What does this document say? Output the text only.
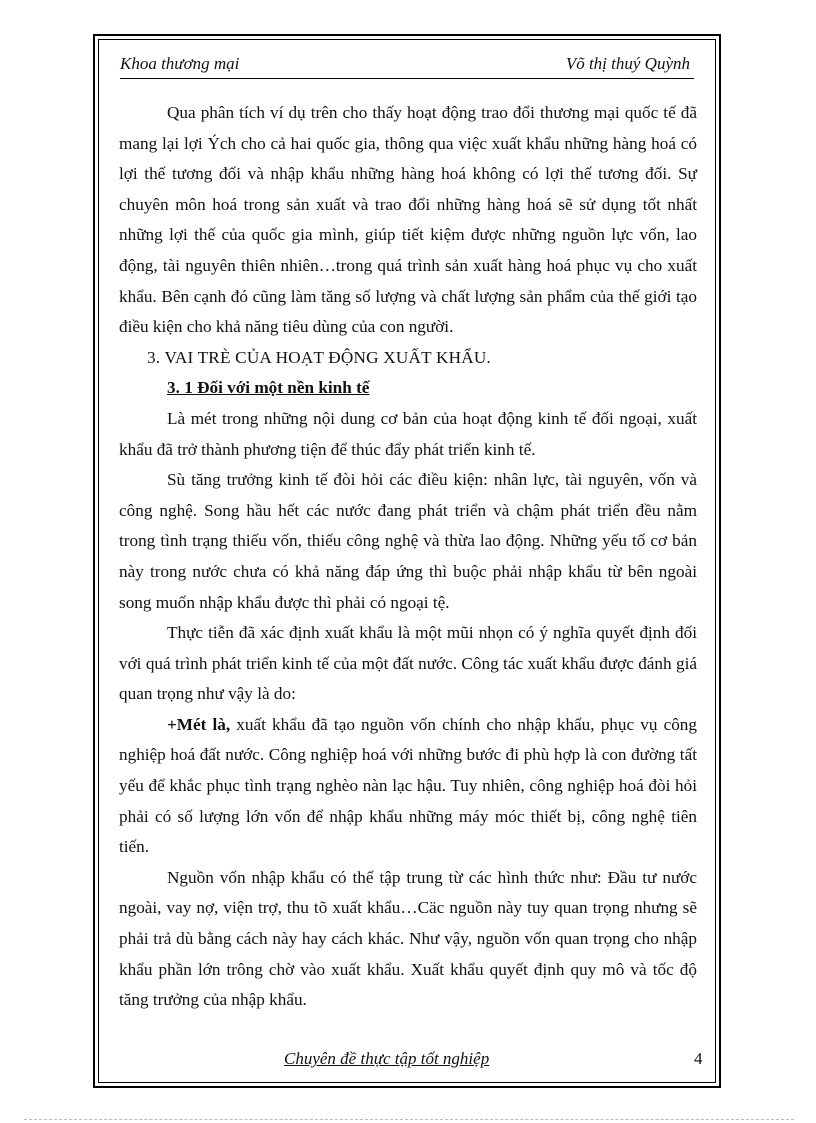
Khoa thương mại	Võ thị thuý Quỳnh

Qua phân tích ví dụ trên cho thấy hoạt động trao đổi thương mại quốc tế đã mang lại lợi Ých cho cả hai quốc gia, thông qua việc xuất khẩu những hàng hoá có lợi thế tương đối và nhập khẩu những hàng hoá không có lợi thế tương đối. Sự chuyên môn hoá trong sản xuất và trao đổi những hàng hoá sẽ sử dụng tốt nhất những lợi thế của quốc gia mình, giúp tiết kiệm được những nguồn lực vốn, lao động, tài nguyên thiên nhiên…trong quá trình sản xuất hàng hoá phục vụ cho xuất khẩu. Bên cạnh đó cũng làm tăng số lượng và chất lượng sản phẩm của thế giới tạo điều kiện cho khả năng tiêu dùng của con người.

3. VAI TRÈ CỦA HOẠT ĐỘNG XUẤT KHẨU.

3. 1 Đối với một nền kinh tế

Là mét trong những nội dung cơ bản của hoạt động kinh tế đối ngoại, xuất khẩu đã trở thành phương tiện để thúc đẩy phát triển kinh tế.

Sù tăng trưởng kinh tế đòi hỏi các điều kiện: nhân lực, tài nguyên, vốn và công nghệ. Song hầu hết các nước đang phát triển và chậm phát triển đều nằm trong tình trạng thiếu vốn, thiếu công nghệ và thừa lao động. Những yếu tố cơ bản này trong nước chưa có khả năng đáp ứng thì buộc phải nhập khẩu từ bên ngoài song muốn nhập khẩu được thì phải có ngoại tệ.

Thực tiễn đã xác định xuất khẩu là một mũi nhọn có ý nghĩa quyết định đối với quá trình phát triển kinh tế của một đất nước. Công tác xuất khẩu được đánh giá quan trọng như vậy là do:

+Mét là, xuất khẩu đã tạo nguồn vốn chính cho nhập khẩu, phục vụ công nghiệp hoá đất nước. Công nghiệp hoá với những bước đi phù hợp là con đường tất yếu để khắc phục tình trạng nghèo nàn lạc hậu. Tuy nhiên, công nghiệp hoá đòi hỏi phải có số lượng lớn vốn để nhập khẩu những máy móc thiết bị, công nghệ tiên tiến.

Nguồn vốn nhập khẩu có thể tập trung từ các hình thức như: Đầu tư nước ngoài, vay nợ, viện trợ, thu tõ xuất khẩu…Cäc nguồn này tuy quan trọng nhưng sẽ phải trả dù bằng cách này hay cách khác. Như vậy, nguồn vốn quan trọng cho nhập khẩu phần lớn trông chờ vào xuất khẩu. Xuất khẩu quyết định quy mô và tốc độ tăng trưởng của nhập khẩu.

Chuyên đề thực tập tốt nghiệp	4
